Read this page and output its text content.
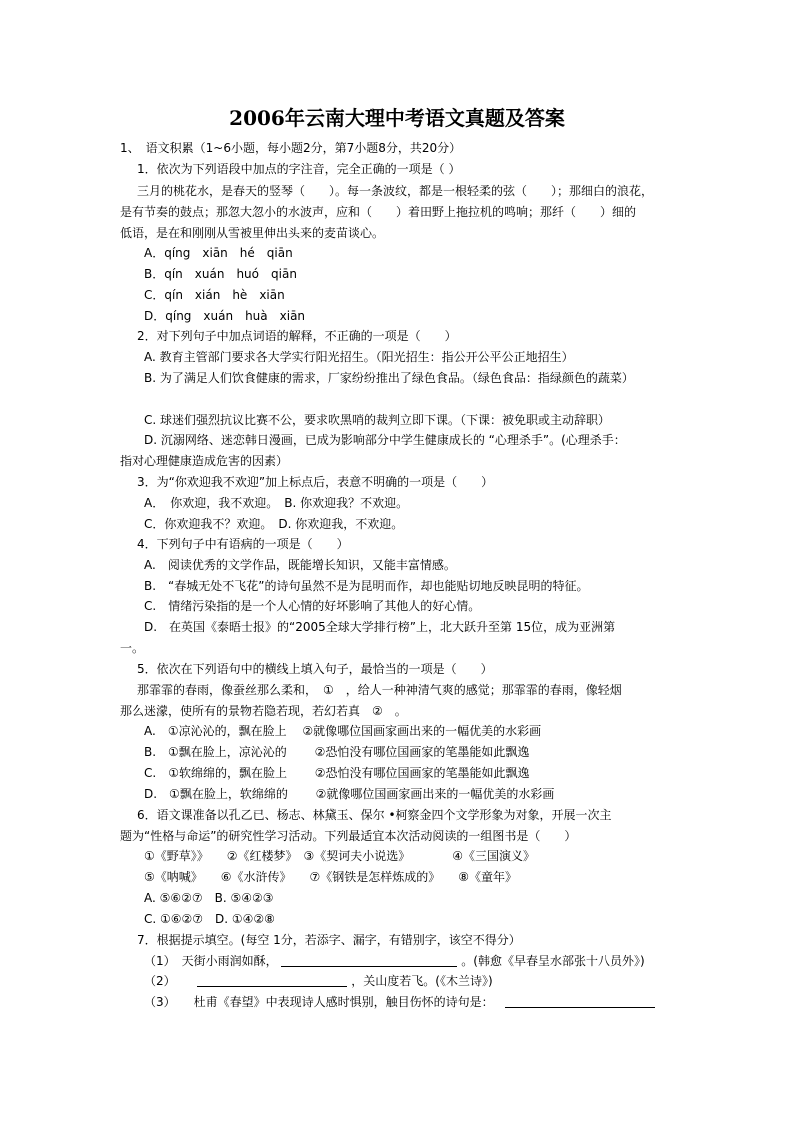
2006年云南大理中考语文真题及答案
1、　语文积累（1~6小题，每小题2分，第7小题8分，共20分）
1．依次为下列语段中加点的字注音，完全正确的一项是（ ）
三月的桃花水，是春天的竖琴（　　）。每一条波纹，都是一根轻柔的弦（　　）；那细白的浪花，
是有节奏的鼓点；那忽大忽小的水波声，应和（　　）着田野上拖拉机的鸣响；那纤（　　）细的
低语，是在和刚刚从雪被里伸出头来的麦苗谈心。
A．qíng　xiān　hé　qiān
B．qín　xuán　huó　qiān
C．qín　xián　hè　xiān
D．qíng　xuán　huà　xiān
2．对下列句子中加点词语的解释，不正确的一项是（　　）
A. 教育主管部门要求各大学实行阳光招生。（阳光招生：指公开公平公正地招生）
B. 为了满足人们饮食健康的需求，厂家纷纷推出了绿色食品。（绿色食品：指绿颜色的蔬菜）
C. 球迷们强烈抗议比赛不公，要求吹黑哨的裁判立即下课。（下课：被免职或主动辞职）
D. 沉溺网络、迷恋韩日漫画，已成为影响部分中学生健康成长的 “心理杀手”。(心理杀手：
指对心理健康造成危害的因素）
3．为“你欢迎我不欢迎”加上标点后，表意不明确的一项是（　　）
A．　你欢迎，我不欢迎。　B. 你欢迎我？不欢迎。
C．你欢迎我不？欢迎。　D. 你欢迎我，不欢迎。
4．下列句子中有语病的一项是（　　）
A.　阅读优秀的文学作品，既能增长知识，又能丰富情感。
B.　“春城无处不飞花”的诗句虽然不是为昆明而作，却也能贴切地反映昆明的特征。
C.　情绪污染指的是一个人心情的好坏影响了其他人的好心情。
D.　在英国《泰晤士报》的“2005全球大学排行榜”上，北大跃升至第 15位，成为亚洲第
一。
5．依次在下列语句中的横线上填入句子，最恰当的一项是（　　）
那霏霏的春雨，像蚕丝那么柔和，　①　，给人一种神清气爽的感觉；那霏霏的春雨，像轻烟
那么迷濛，使所有的景物若隐若现，若幻若真　②　。
A.　①凉沁沁的，飘在脸上　 ②就像哪位国画家画出来的一幅优美的水彩画
B.　①飘在脸上，凉沁沁的　　 ②恐怕没有哪位国画家的笔墨能如此飘逸
C.　①软绵绵的，飘在脸上　　 ②恐怕没有哪位国画家的笔墨能如此飘逸
D.　①飘在脸上，软绵绵的　　 ②就像哪位国画家画出来的一幅优美的水彩画
6．语文课准备以孔乙已、杨志、林黛玉、保尔 •柯察金四个文学形象为对象，开展一次主
题为“性格与命运”的研究性学习活动。下列最适宜本次活动阅读的一组图书是（　　）
①《野草》》　　②《红楼梦》　③《契诃夫小说选》　　　　④《三国演义》
⑤《呐喊》　　⑥《水浒传》　　⑦《钢铁是怎样炼成的》　　⑧《童年》
A. ⑤⑥②⑦　B. ⑤④②③
C. ①⑥②⑦　D. ①④②⑧
7．根据提示填空。(每空 1分，若添字、漏字，有错别字，该空不得分）
（1）　天街小雨润如酥，	。(韩愈《早春呈水部张十八员外》)
（2）	，关山度若飞。(《木兰诗》)
（3）　　杜甫《春望》中表现诗人感时惧别，触目伤怀的诗句是：
